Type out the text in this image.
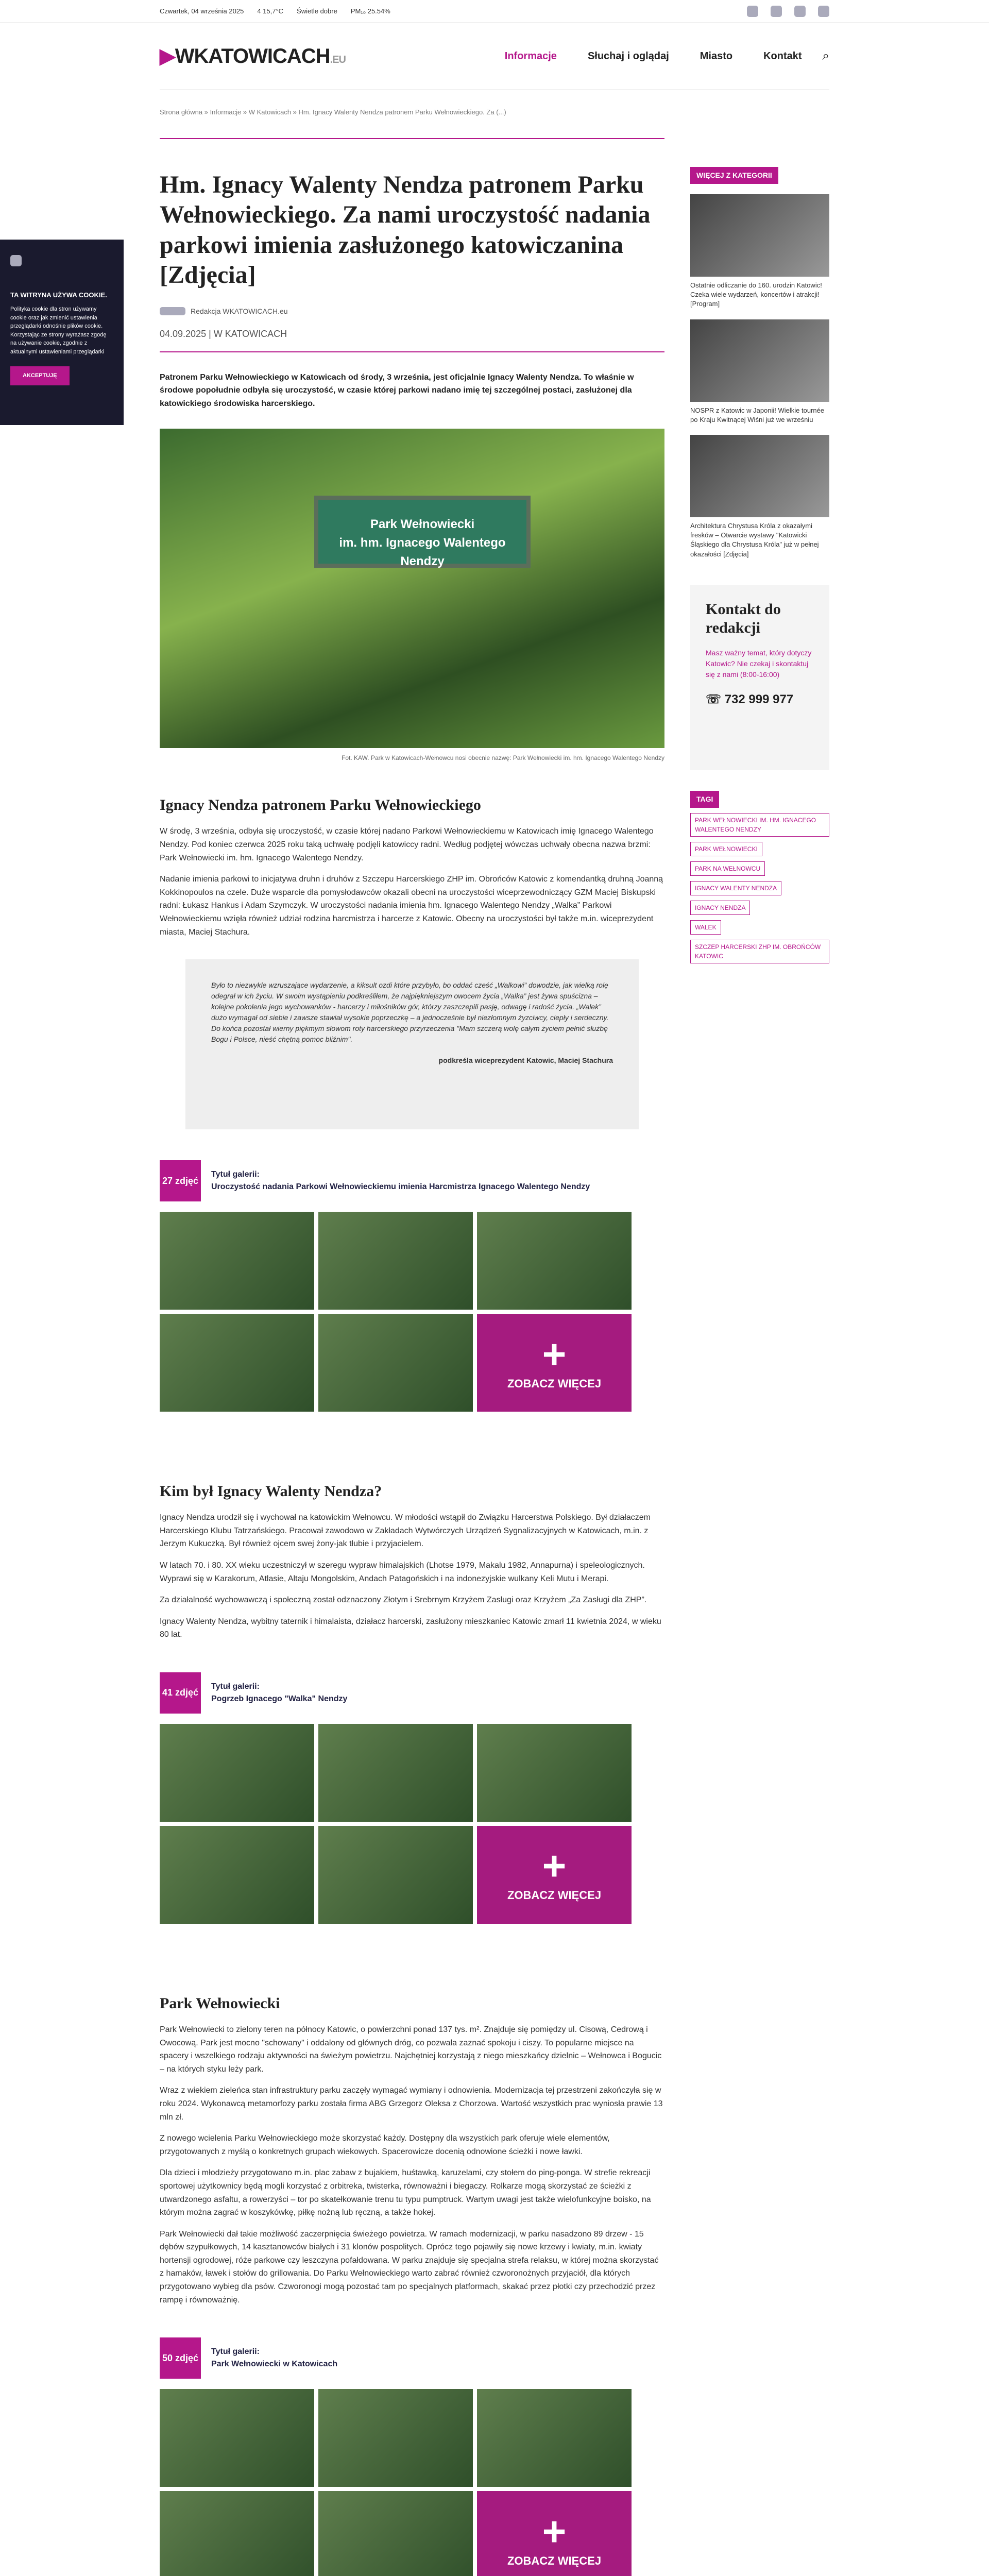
Czwartek, 04 września 2025 4 15,7°C Świetle dobre PM₁₀ 25.54%
▶WKATOWICACH.EU	Informacje	Słuchaj i oglądaj	Miasto	Kontakt ⌕
Strona główna » Informacje » W Katowicach » Hm. Ignacy Walenty Nendza patronem Parku Wełnowieckiego. Za (...)
Hm. Ignacy Walenty Nendza patronem Parku Wełnowieckiego. Za nami uroczystość nadania parkowi imienia zasłużonego katowiczanina [Zdjęcia]
Redakcja WKATOWICACH.eu
04.09.2025 | W KATOWICACH

Patronem Parku Wełnowieckiego w Katowicach od środy, 3 września, jest oficjalnie Ignacy Walenty Nendza. To właśnie w środowe popołudnie odbyła się uroczystość, w czasie której parkowi nadano imię tej szczególnej postaci, zasłużonej dla katowickiego środowiska harcerskiego.

Park Wełnowiecki
im. hm. Ignacego Walentego Nendzy
Fot. KAW. Park w Katowicach-Wełnowcu nosi obecnie nazwę: Park Wełnowiecki im. hm. Ignacego Walentego Nendzy
Ignacy Nendza patronem Parku Wełnowieckiego

W środę, 3 września, odbyła się uroczystość, w czasie której nadano Parkowi Wełnowieckiemu w Katowicach imię Ignacego Walentego Nendzy. Pod koniec czerwca 2025 roku taką uchwałę podjęli katowiccy radni. Według podjętej wówczas uchwały obecna nazwa brzmi: Park Wełnowiecki im. hm. Ignacego Walentego Nendzy.

Nadanie imienia parkowi to inicjatywa druhn i druhów z Szczepu Harcerskiego ZHP im. Obrońców Katowic z komendantką druhną Joanną Kokkinopoulos na czele. Duże wsparcie dla pomysłodawców okazali obecni na uroczystości wiceprzewodniczący GZM Maciej Biskupski radni: Łukasz Hankus i Adam Szymczyk. W uroczystości nadania imienia hm. Ignacego Walentego Nendzy „Walka” Parkowi Wełnowieckiemu wzięła również udział rodzina harcmistrza i harcerze z Katowic. Obecny na uroczystości był także m.in. wiceprezydent miasta, Maciej Stachura.

Było to niezwykle wzruszające wydarzenie, a kiksult ozdi które przybyło, bo oddać cześć „Walkowi” dowodzie, jak wielką rolę odegrał w ich życiu. W swoim wystąpieniu podkreśliłem, że najpiękniejszym owocem życia „Walka” jest żywa spuścizna – kolejne pokolenia jego wychowanków - harcerzy i miłośników gór, którzy zaszczepili pasję, odwagę i radość życia. „Walek” dużo wymagał od siebie i zawsze stawiał wysokie poprzeczkę – a jednocześnie był niezłomnym żyzciwcy, ciepły i serdeczny. Do końca pozostał wierny piękmym słowom roty harcerskiego przyrzeczenia "Mam szczerą wolę całym życiem pełnić służbę Bogu i Polsce, nieść chętną pomoc bliźnim".
podkreśla wiceprezydent Katowic, Maciej Stachura
27 zdjęć
Tytuł galerii:
Uroczystość nadania Parkowi Wełnowieckiemu imienia Harcmistrza Ignacego Walentego Nendzy
+
ZOBACZ WIĘCEJ
Kim był Ignacy Walenty Nendza?

Ignacy Nendza urodził się i wychował na katowickim Wełnowcu. W młodości wstąpił do Związku Harcerstwa Polskiego. Był działaczem Harcerskiego Klubu Tatrzańskiego. Pracował zawodowo w Zakładach Wytwórczych Urządzeń Sygnalizacyjnych w Katowicach, m.in. z Jerzym Kukuczką. Był również ojcem swej żony-jak tłubie i przyjacielem.

W latach 70. i 80. XX wieku uczestniczył w szeregu wypraw himalajskich (Lhotse 1979, Makalu 1982, Annapurna) i speleologicznych. Wyprawi się w Karakorum, Atlasie, Altaju Mongolskim, Andach Patagońskich i na indonezyjskie wulkany Keli Mutu i Merapi.

Za działalność wychowawczą i społeczną został odznaczony Złotym i Srebrnym Krzyżem Zasługi oraz Krzyżem „Za Zasługi dla ZHP”.

Ignacy Walenty Nendza, wybitny taternik i himalaista, działacz harcerski, zasłużony mieszkaniec Katowic zmarł 11 kwietnia 2024, w wieku 80 lat.

41 zdjęć
Tytuł galerii:
Pogrzeb Ignacego "Walka" Nendzy
+
ZOBACZ WIĘCEJ
Park Wełnowiecki

Park Wełnowiecki to zielony teren na północy Katowic, o powierzchni ponad 137 tys. m². Znajduje się pomiędzy ul. Cisową, Cedrową i Owocową. Park jest mocno "schowany" i oddalony od głównych dróg, co pozwala zaznać spokoju i ciszy. To popularne miejsce na spacery i wszelkiego rodzaju aktywności na świeżym powietrzu. Najchętniej korzystają z niego mieszkańcy dzielnic – Wełnowca i Bogucic – na których styku leży park.

Wraz z wiekiem zieleńca stan infrastruktury parku zaczęły wymagać wymiany i odnowienia. Modernizacja tej przestrzeni zakończyła się w roku 2024. Wykonawcą metamorfozy parku została firma ABG Grzegorz Oleksa z Chorzowa. Wartość wszystkich prac wyniosła prawie 13 mln zł.

Z nowego wcielenia Parku Wełnowieckiego może skorzystać każdy. Dostępny dla wszystkich park oferuje wiele elementów, przygotowanych z myślą o konkretnych grupach wiekowych. Spacerowicze docenią odnowione ścieżki i nowe ławki.

Dla dzieci i młodzieży przygotowano m.in. plac zabaw z bujakiem, huśtawką, karuzelami, czy stołem do ping-ponga. W strefie rekreacji sportowej użytkownicy będą mogli korzystać z orbitreka, twisterka, równoważni i biegaczy. Rolkarze mogą skorzystać ze ścieżki z utwardzonego asfaltu, a rowerzyści – tor po skatełkowanie trenu tu typu pumptruck. Wartym uwagi jest także wielofunkcyjne boisko, na którym można zagrać w koszykówkę, piłkę nożną lub ręczną, a także hokej.

Park Wełnowiecki dał takie możliwość zaczerpnięcia świeżego powietrza. W ramach modernizacji, w parku nasadzono 89 drzew - 15 dębów szypułkowych, 14 kasztanowców białych i 31 klonów pospolitych. Oprócz tego pojawiły się nowe krzewy i kwiaty, m.in. kwiaty hortensji ogrodowej, róże parkowe czy leszczyna pofałdowana. W parku znajduje się specjalna strefa relaksu, w której można skorzystać z hamaków, ławek i stołów do grillowania. Do Parku Wełnowieckiego warto zabrać również czworonożnych przyjaciół, dla których przygotowano wybieg dla psów. Czworonogi mogą pozostać tam po specjalnych platformach, skakać przez płotki czy przechodzić przez rampę i równoważnię.

50 zdjęć
Tytuł galerii:
Park Wełnowiecki w Katowicach
+
ZOBACZ WIĘCEJ
WIĘCEJ Z KATEGORII
Ostatnie odliczanie do 160. urodzin Katowic! Czeka wiele wydarzeń, koncertów i atrakcji! [Program]
NOSPR z Katowic w Japonii! Wielkie tournée po Kraju Kwitnącej Wiśni już we wrześniu
Architektura Chrystusa Króla z okazałymi fresków – Otwarcie wystawy "Katowicki Śląskiego dla Chrystusa Króla" już w pełnej okazałości [Zdjęcia]
Kontakt do redakcji

Masz ważny temat, który dotyczy Katowic? Nie czekaj i skontaktuj się z nami (8:00-16:00)

☏ 732 999 977

TAGI
PARK WEŁNOWIECKI IM. HM. IGNACEGO WALENTEGO NENDZY
PARK WEŁNOWIECKI
PARK NA WEŁNOWCU
IGNACY WALENTY NENDZA
IGNACY NENDZA
WALEK
SZCZEP HARCERSKI ZHP IM. OBROŃCÓW KATOWIC
TA WITRYNA UŻYWA COOKIE.
Polityka cookie dla stron używamy cookie oraz jak zmienić ustawienia przeglądarki odnośnie plików cookie. Korzystając ze strony wyrażasz zgodę na używanie cookie, zgodnie z aktualnymi ustawieniami przeglądarki
AKCEPTUJĘ
